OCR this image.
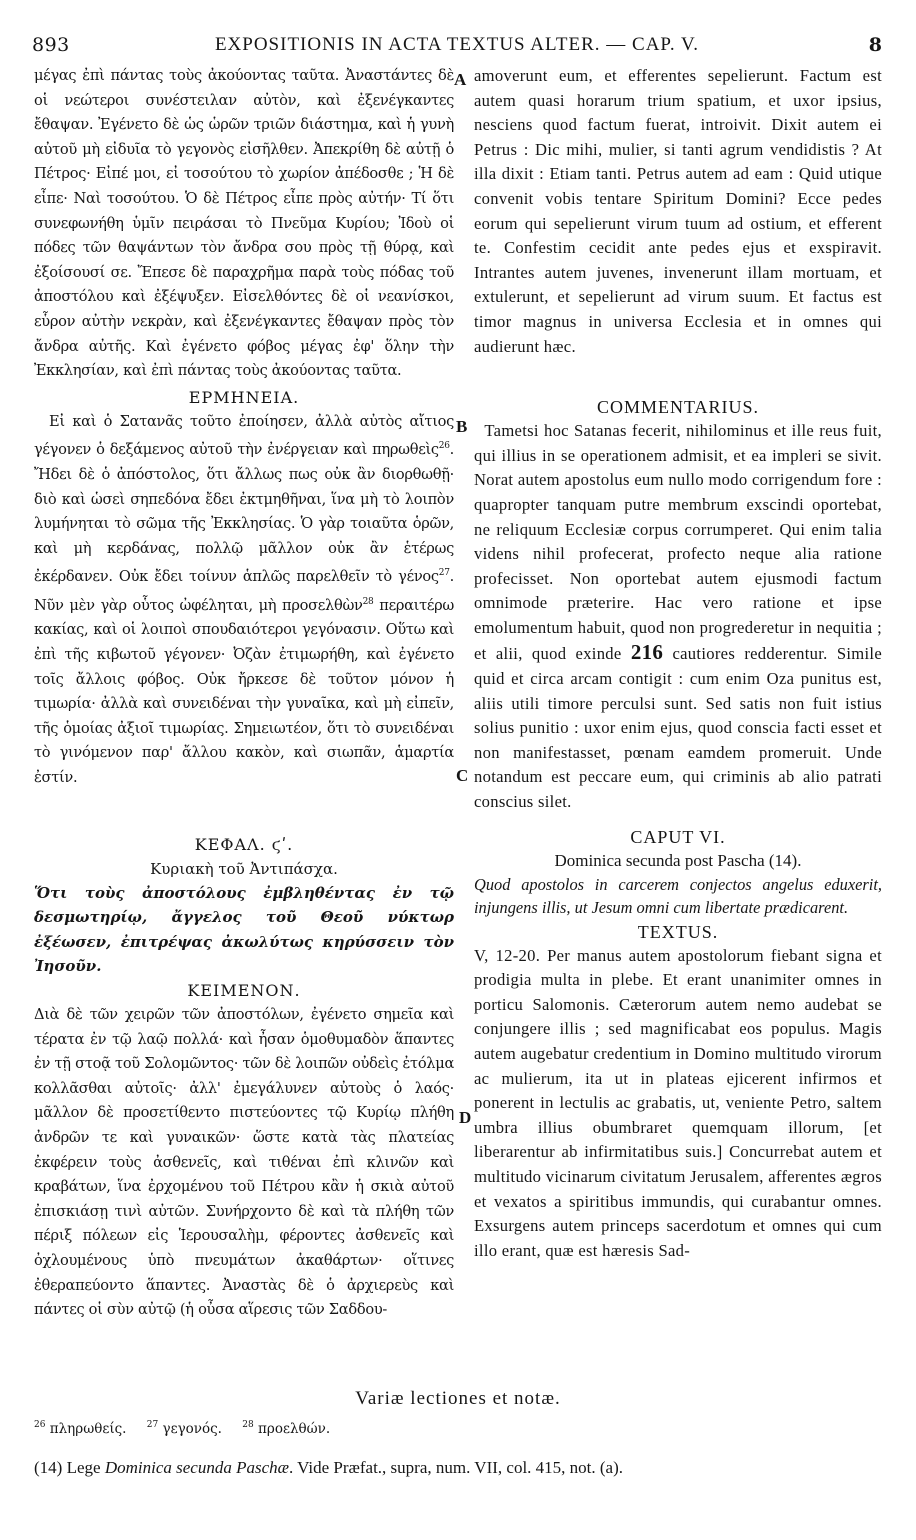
893	EXPOSITIONIS IN ACTA TEXTUS ALTER. — CAP. V.	8
A
B
C
D

μέγας ἐπὶ πάντας τοὺς ἀκούοντας ταῦτα. Ἀναστάντες δὲ οἱ νεώτεροι συνέστειλαν αὐτὸν, καὶ ἐξενέγκαντες ἔθαψαν. Ἐγένετο δὲ ὡς ὡρῶν τριῶν διάστημα, καὶ ἡ γυνὴ αὐτοῦ μὴ εἰδυῖα τὸ γεγονὸς εἰσῆλθεν. Ἀπεκρίθη δὲ αὐτῇ ὁ Πέτρος· Εἰπέ μοι, εἰ τοσούτου τὸ χωρίον ἀπέδοσθε ; Ἡ δὲ εἶπε· Ναὶ τοσούτου. Ὁ δὲ Πέτρος εἶπε πρὸς αὐτήν· Τί ὅτι συνεφωνήθη ὑμῖν πειράσαι τὸ Πνεῦμα Κυρίου; Ἰδοὺ οἱ πόδες τῶν θαψάντων τὸν ἄνδρα σου πρὸς τῇ θύρᾳ, καὶ ἐξοίσουσί σε. Ἔπεσε δὲ παραχρῆμα παρὰ τοὺς πόδας τοῦ ἀποστόλου καὶ ἐξέψυξεν. Εἰσελθόντες δὲ οἱ νεανίσκοι, εὗρον αὐτὴν νεκρὰν, καὶ ἐξενέγκαντες ἔθαψαν πρὸς τὸν ἄνδρα αὐτῆς. Καὶ ἐγένετο φόβος μέγας ἐφ' ὅλην τὴν Ἐκκλησίαν, καὶ ἐπὶ πάντας τοὺς ἀκούοντας ταῦτα.

ΕΡΜΗΝΕΙΑ.

Εἰ καὶ ὁ Σατανᾶς τοῦτο ἐποίησεν, ἀλλὰ αὐτὸς αἴτιος γέγονεν ὁ δεξάμενος αὐτοῦ τὴν ἐνέργειαν καὶ πηρωθεὶς$^{26}$. Ἤδει δὲ ὁ ἀπόστολος, ὅτι ἄλλως πως οὐκ ἂν διορθωθῇ· διὸ καὶ ὡσεὶ σηπεδόνα ἔδει ἐκτμηθῆναι, ἵνα μὴ τὸ λοιπὸν λυμήνηται τὸ σῶμα τῆς Ἐκκλησίας. Ὁ γὰρ τοιαῦτα ὁρῶν, καὶ μὴ κερδάνας, πολλῷ μᾶλλον οὐκ ἂν ἑτέρως ἐκέρδανεν. Οὐκ ἔδει τοίνυν ἁπλῶς παρελθεῖν τὸ γένος$^{27}$. Νῦν μὲν γὰρ οὗτος ὠφέληται, μὴ προσελθὼν$^{28}$ περαιτέρω κακίας, καὶ οἱ λοιποὶ σπουδαιότεροι γεγόνασιν. Οὕτω καὶ ἐπὶ τῆς κιβωτοῦ γέγονεν· Ὀζὰν ἐτιμωρήθη, καὶ ἐγένετο τοῖς ἄλλοις φόβος. Οὐκ ἤρκεσε δὲ τοῦτον μόνον ἡ τιμωρία· ἀλλὰ καὶ συνειδέναι τὴν γυναῖκα, καὶ μὴ εἰπεῖν, τῆς ὁμοίας ἀξιοῖ τιμωρίας. Σημειωτέον, ὅτι τὸ συνειδέναι τὸ γινόμενον παρ' ἄλλου κακὸν, καὶ σιωπᾶν, ἁμαρτία ἐστίν.

ΚΕΦΑΛ. ϛʹ.
Κυριακὴ τοῦ Ἀντιπάσχα.

Ὅτι τοὺς ἀποστόλους ἐμβληθέντας ἐν τῷ δεσμωτηρίῳ, ἄγγελος τοῦ Θεοῦ νύκτωρ ἐξέωσεν, ἐπιτρέψας ἀκωλύτως κηρύσσειν τὸν Ἰησοῦν.

ΚΕΙΜΕΝΟΝ.

Διὰ δὲ τῶν χειρῶν τῶν ἀποστόλων, ἐγένετο σημεῖα καὶ τέρατα ἐν τῷ λαῷ πολλά· καὶ ἦσαν ὁμοθυμαδὸν ἅπαντες ἐν τῇ στοᾷ τοῦ Σολομῶντος· τῶν δὲ λοιπῶν οὐδεὶς ἐτόλμα κολλᾶσθαι αὐτοῖς· ἀλλ' ἐμεγάλυνεν αὐτοὺς ὁ λαός· μᾶλλον δὲ προσετίθεντο πιστεύοντες τῷ Κυρίῳ πλήθη ἀνδρῶν τε καὶ γυναικῶν· ὥστε κατὰ τὰς πλατείας ἐκφέρειν τοὺς ἀσθενεῖς, καὶ τιθέναι ἐπὶ κλινῶν καὶ κραβάτων, ἵνα ἐρχομένου τοῦ Πέτρου κἂν ἡ σκιὰ αὐτοῦ ἐπισκιάσῃ τινὶ αὐτῶν. Συνήρχοντο δὲ καὶ τὰ πλήθη τῶν πέριξ πόλεων εἰς Ἱερουσαλὴμ, φέροντες ἀσθενεῖς καὶ ὀχλουμένους ὑπὸ πνευμάτων ἀκαθάρτων· οἵτινες ἐθεραπεύοντο ἅπαντες. Ἀναστὰς δὲ ὁ ἀρχιερεὺς καὶ πάντες οἱ σὺν αὐτῷ (ἡ οὖσα αἵρεσις τῶν Σαδδου-

amoverunt eum, et efferentes sepelierunt. Factum est autem quasi horarum trium spatium, et uxor ipsius, nesciens quod factum fuerat, introivit. Dixit autem ei Petrus : Dic mihi, mulier, si tanti agrum vendidistis ? At illa dixit : Etiam tanti. Petrus autem ad eam : Quid utique convenit vobis tentare Spiritum Domini? Ecce pedes eorum qui sepelierunt virum tuum ad ostium, et efferent te. Confestim cecidit ante pedes ejus et exspiravit. Intrantes autem juvenes, invenerunt illam mortuam, et extulerunt, et sepelierunt ad virum suum. Et factus est timor magnus in universa Ecclesia et in omnes qui audierunt hæc.

COMMENTARIUS.

Tametsi hoc Satanas fecerit, nihilominus et ille reus fuit, qui illius in se operationem admisit, et ea impleri se sivit. Norat autem apostolus eum nullo modo corrigendum fore : quapropter tanquam putre membrum exscindi oportebat, ne reliquum Ecclesiæ corpus corrumperet. Qui enim talia videns nihil profecerat, profecto neque alia ratione profecisset. Non oportebat autem ejusmodi factum omnimode præterire. Hac vero ratione et ipse emolumentum habuit, quod non progrederetur in nequitia ; et alii, quod exinde 216 cautiores redderentur. Simile quid et circa arcam contigit : cum enim Oza punitus est, aliis utili timore perculsi sunt. Sed satis non fuit istius solius punitio : uxor enim ejus, quod conscia facti esset et non manifestasset, pœnam eamdem promeruit. Unde notandum est peccare eum, qui criminis ab alio patrati conscius silet.

CAPUT VI.
Dominica secunda post Pascha (14).

Quod apostolos in carcerem conjectos angelus eduxerit, injungens illis, ut Jesum omni cum libertate prædicarent.

TEXTUS.

V, 12-20. Per manus autem apostolorum fiebant signa et prodigia multa in plebe. Et erant unanimiter omnes in porticu Salomonis. Cæterorum autem nemo audebat se conjungere illis ; sed magnificabat eos populus. Magis autem augebatur credentium in Domino multitudo virorum ac mulierum, ita ut in plateas ejicerent infirmos et ponerent in lectulis ac grabatis, ut, veniente Petro, saltem umbra illius obumbraret quemquam illorum, [et liberarentur ab infirmitatibus suis.] Concurrebat autem et multitudo vicinarum civitatum Jerusalem, afferentes ægros et vexatos a spiritibus immundis, qui curabantur omnes. Exsurgens autem princeps sacerdotum et omnes qui cum illo erant, quæ est hæresis Sad-

Variæ lectiones et notæ.
$^{26}$ πληρωθείς. $^{27}$ γεγονός. $^{28}$ προελθών.
(14) Lege Dominica secunda Paschæ. Vide Præfat., supra, num. VII, col. 415, not. (a).
